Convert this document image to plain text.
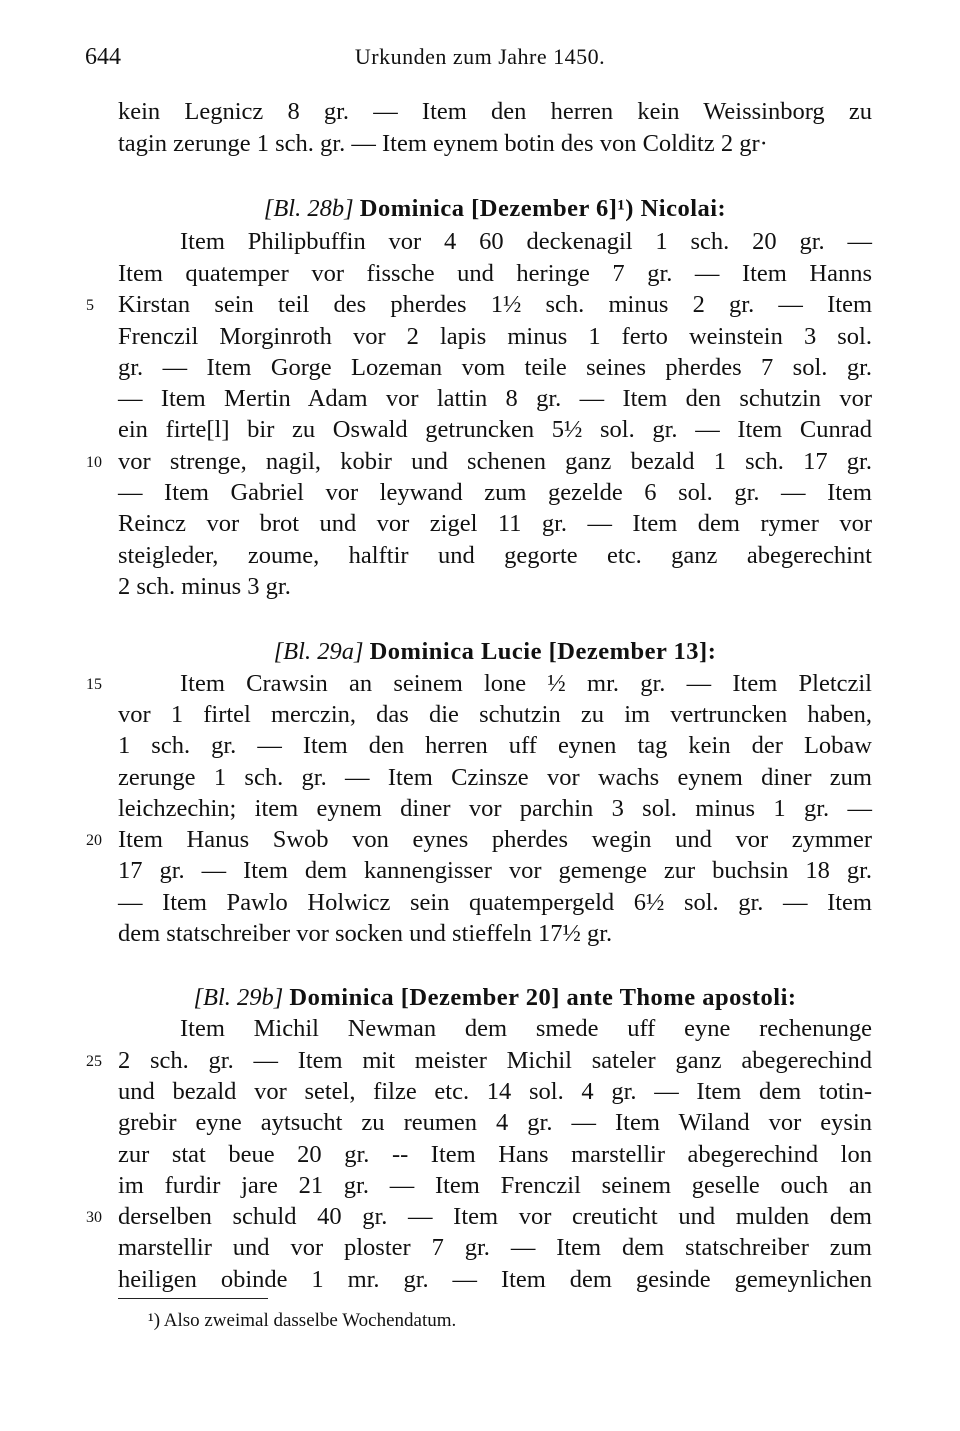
644	Urkunden zum Jahre 1450.
kein Legnicz 8 gr. — Item den herren kein Weissinborg zu
tagin zerunge 1 sch. gr. — Item eynem botin des von Colditz 2 gr·
[Bl. 28b] Dominica [Dezember 6]¹) Nicolai:
Item Philipbuffin vor 4 60 deckenagil 1 sch. 20 gr. —
Item quatemper vor fissche und heringe 7 gr. — Item Hanns
Kirstan sein teil des pherdes 1½ sch. minus 2 gr. — Item
Frenczil Morginroth vor 2 lapis minus 1 ferto weinstein 3 sol.
gr. — Item Gorge Lozeman vom teile seines pherdes 7 sol. gr.
— Item Mertin Adam vor lattin 8 gr. — Item den schutzin vor
ein firte[l] bir zu Oswald getruncken 5½ sol. gr. — Item Cunrad
vor strenge, nagil, kobir und schenen ganz bezald 1 sch. 17 gr.
— Item Gabriel vor leywand zum gezelde 6 sol. gr. — Item
Reincz vor brot und vor zigel 11 gr. — Item dem rymer vor
steigleder, zoume, halftir und gegorte etc. ganz abegerechint
2 sch. minus 3 gr.
[Bl. 29a] Dominica Lucie [Dezember 13]:
Item Crawsin an seinem lone ½ mr. gr. — Item Pletczil
vor 1 firtel merczin, das die schutzin zu im vertruncken haben,
1 sch. gr. — Item den herren uff eynen tag kein der Lobaw
zerunge 1 sch. gr. — Item Czinsze vor wachs eynem diner zum
leichzechin; item eynem diner vor parchin 3 sol. minus 1 gr. —
Item Hanus Swob von eynes pherdes wegin und vor zymmer
17 gr. — Item dem kannengisser vor gemenge zur buchsin 18 gr.
— Item Pawlo Holwicz sein quatempergeld 6½ sol. gr. — Item
dem statschreiber vor socken und stieffeln 17½ gr.
[Bl. 29b] Dominica [Dezember 20] ante Thome apostoli:
Item Michil Newman dem smede uff eyne rechenunge
2 sch. gr. — Item mit meister Michil sateler ganz abegerechind
und bezald vor setel, filze etc. 14 sol. 4 gr. — Item dem totin-
grebir eyne aytsucht zu reumen 4 gr. — Item Wiland vor eysin
zur stat beue 20 gr. -- Item Hans marstellir abegerechind lon
im furdir jare 21 gr. — Item Frenczil seinem geselle ouch an
derselben schuld 40 gr. — Item vor creuticht und mulden dem
marstellir und vor ploster 7 gr. — Item dem statschreiber zum
heiligen obinde 1 mr. gr. — Item dem gesinde gemeynlichen
5
10
15
20
25
30
¹) Also zweimal dasselbe Wochendatum.
